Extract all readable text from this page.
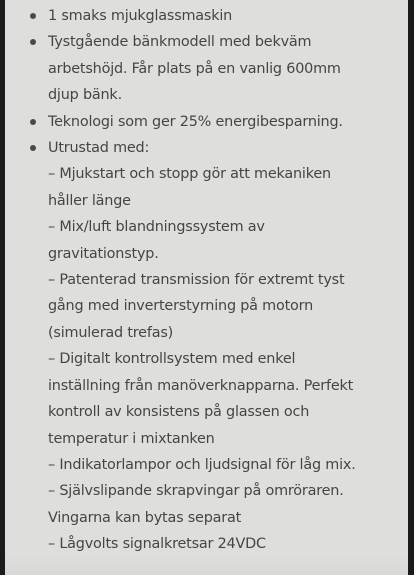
1 smaks mjukglassmaskin
Tystgående bänkmodell med bekväm
arbetshöjd. Får plats på en vanlig 600mm
djup bänk.
Teknologi som ger 25% energibesparning.
Utrustad med:
– Mjukstart och stopp gör att mekaniken
håller länge
– Mix/luft blandningssystem av
gravitationstyp.
– Patenterad transmission för extremt tyst
gång med inverterstyrning på motorn
(simulerad trefas)
– Digitalt kontrollsystem med enkel
inställning från manöverknapparna. Perfekt
kontroll av konsistens på glassen och
temperatur i mixtanken
– Indikatorlampor och ljudsignal för låg mix.
– Självslipande skrapvingar på omröraren.
Vingarna kan bytas separat
– Lågvolts signalkretsar 24VDC
